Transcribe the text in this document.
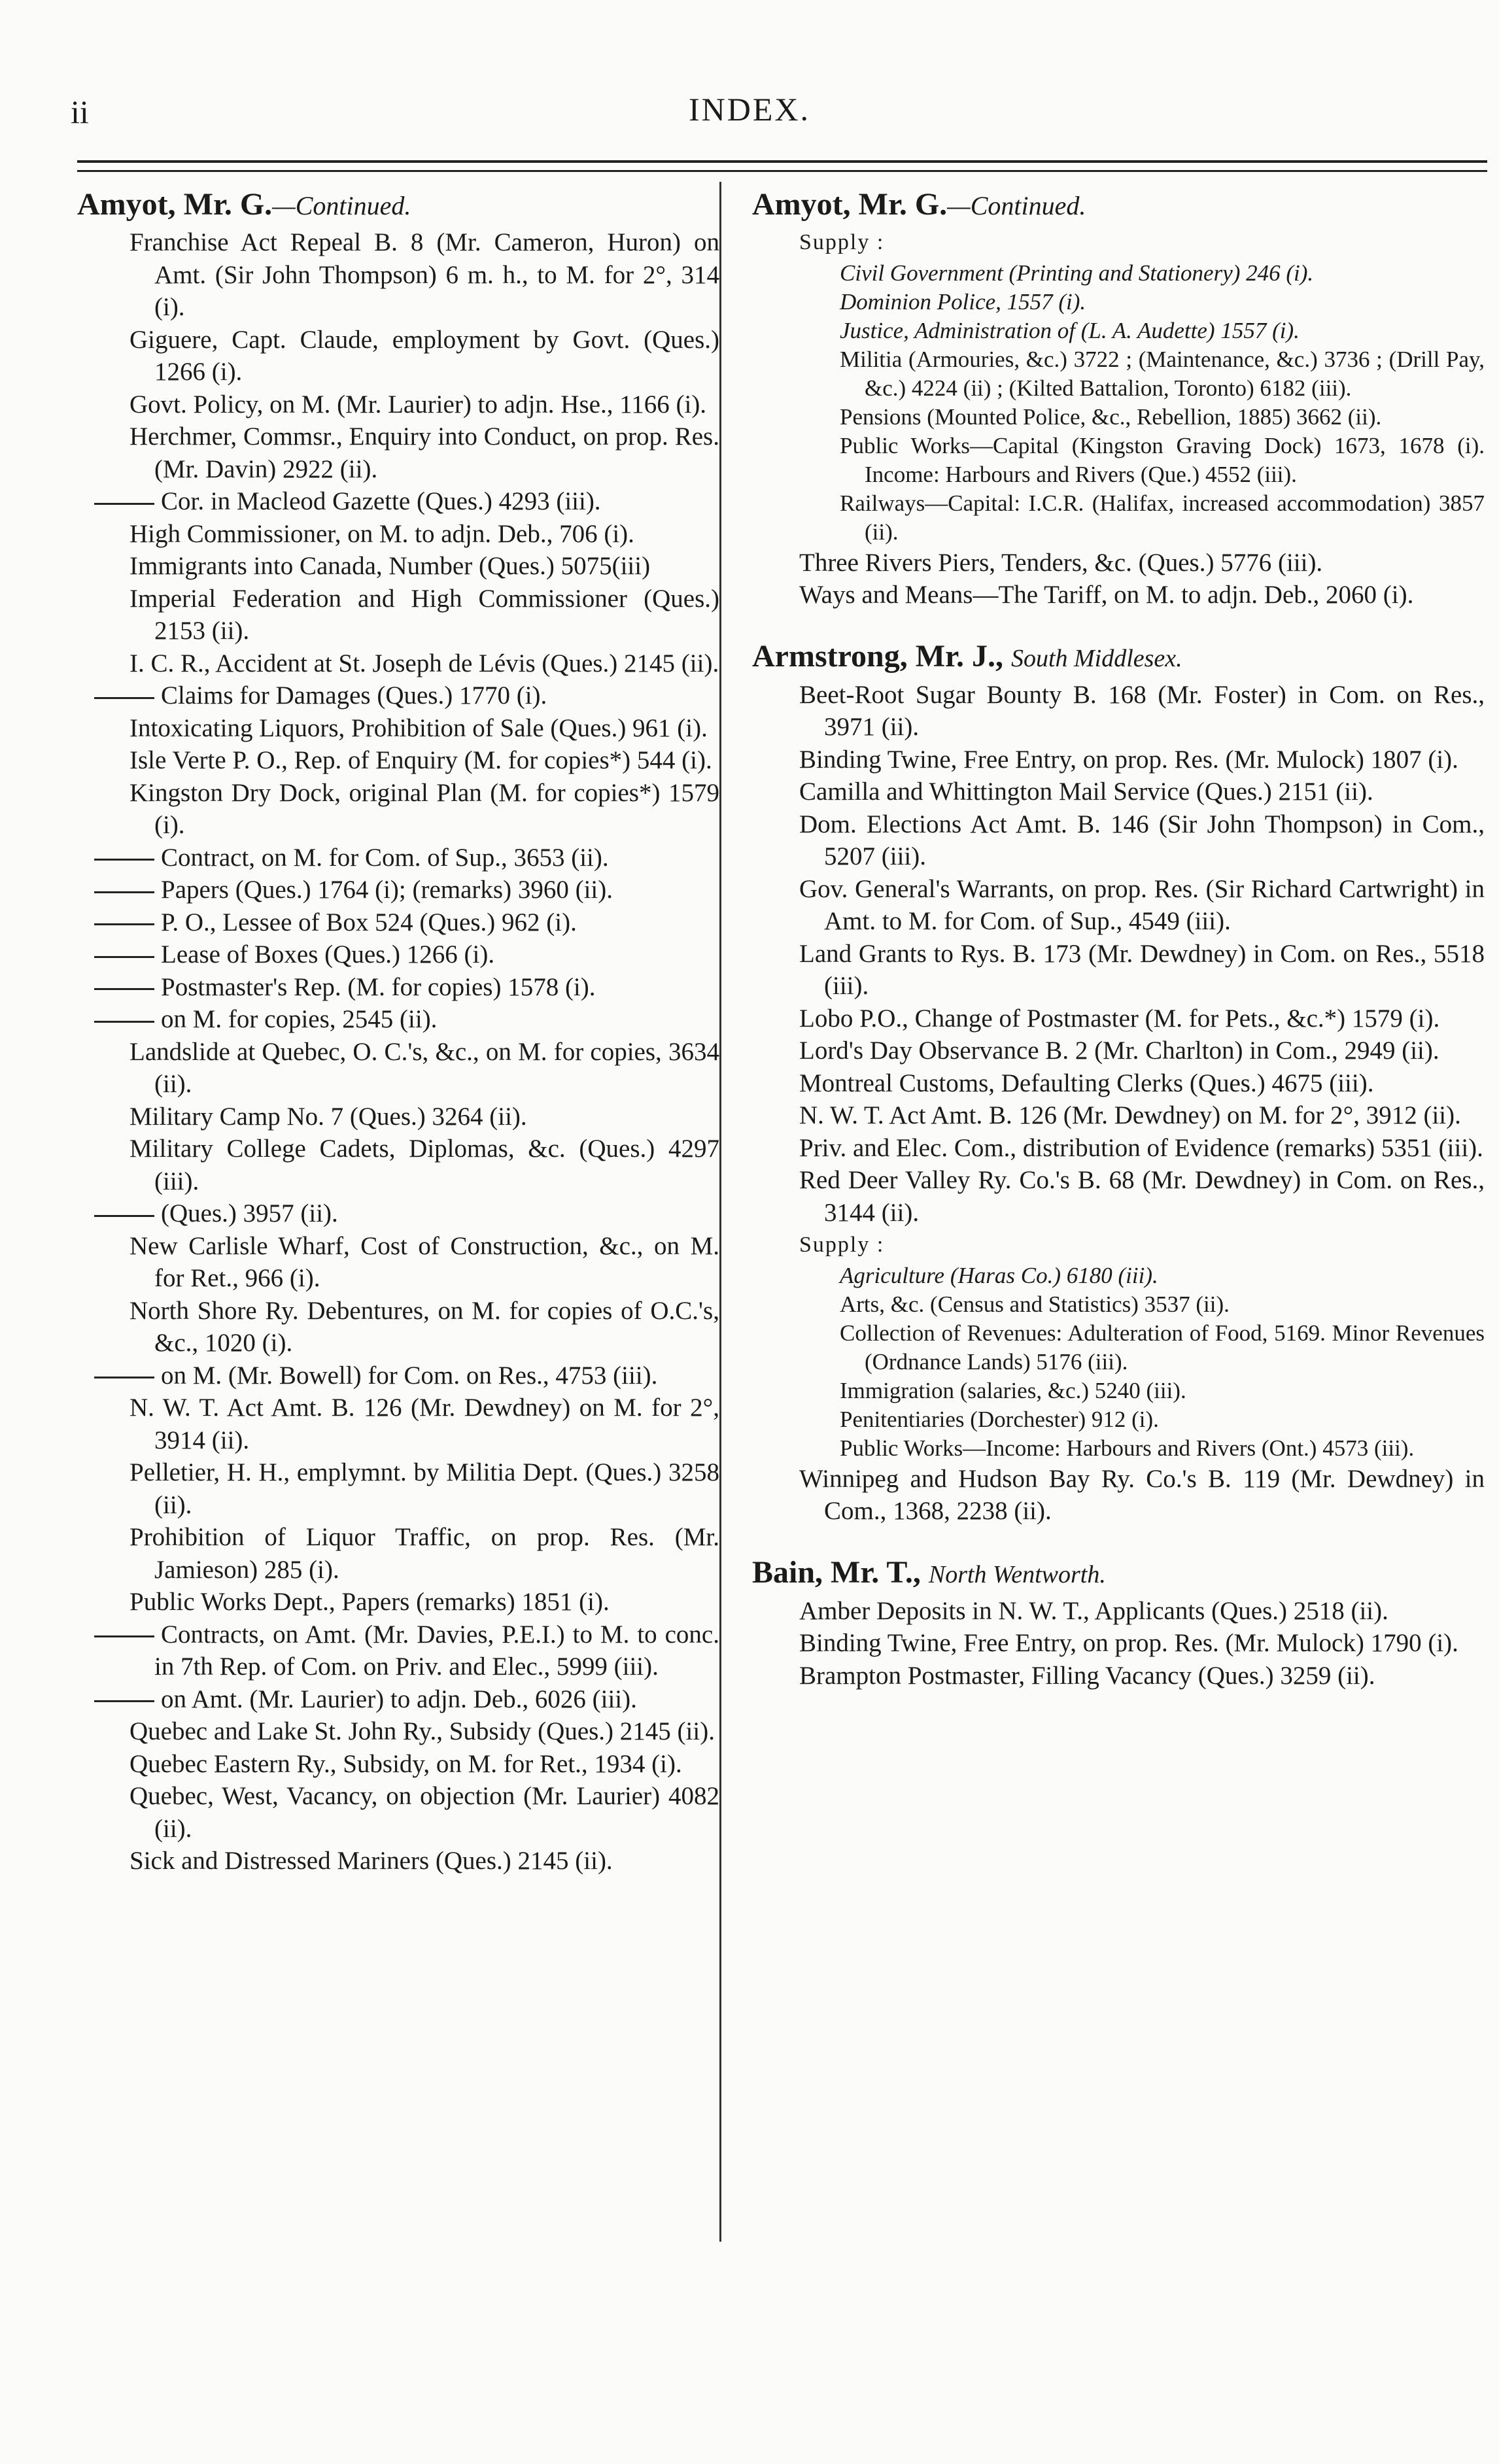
ii	INDEX.

Amyot, Mr. G.—Continued.

Franchise Act Repeal B. 8 (Mr. Cameron, Huron) on Amt. (Sir John Thompson) 6 m. h., to M. for 2°, 314 (i).

Giguere, Capt. Claude, employment by Govt. (Ques.) 1266 (i).

Govt. Policy, on M. (Mr. Laurier) to adjn. Hse., 1166 (i).

Herchmer, Commsr., Enquiry into Conduct, on prop. Res. (Mr. Davin) 2922 (ii).

Cor. in Macleod Gazette (Ques.) 4293 (iii).

High Commissioner, on M. to adjn. Deb., 706 (i).

Immigrants into Canada, Number (Ques.) 5075(iii)

Imperial Federation and High Commissioner (Ques.) 2153 (ii).

I. C. R., Accident at St. Joseph de Lévis (Ques.) 2145 (ii).

Claims for Damages (Ques.) 1770 (i).

Intoxicating Liquors, Prohibition of Sale (Ques.) 961 (i).

Isle Verte P. O., Rep. of Enquiry (M. for copies*) 544 (i).

Kingston Dry Dock, original Plan (M. for copies*) 1579 (i).

Contract, on M. for Com. of Sup., 3653 (ii).

Papers (Ques.) 1764 (i); (remarks) 3960 (ii).

P. O., Lessee of Box 524 (Ques.) 962 (i).

Lease of Boxes (Ques.) 1266 (i).

Postmaster's Rep. (M. for copies) 1578 (i).

on M. for copies, 2545 (ii).

Landslide at Quebec, O. C.'s, &c., on M. for copies, 3634 (ii).

Military Camp No. 7 (Ques.) 3264 (ii).

Military College Cadets, Diplomas, &c. (Ques.) 4297 (iii).

(Ques.) 3957 (ii).

New Carlisle Wharf, Cost of Construction, &c., on M. for Ret., 966 (i).

North Shore Ry. Debentures, on M. for copies of O.C.'s, &c., 1020 (i).

on M. (Mr. Bowell) for Com. on Res., 4753 (iii).

N. W. T. Act Amt. B. 126 (Mr. Dewdney) on M. for 2°, 3914 (ii).

Pelletier, H. H., emplymnt. by Militia Dept. (Ques.) 3258 (ii).

Prohibition of Liquor Traffic, on prop. Res. (Mr. Jamieson) 285 (i).

Public Works Dept., Papers (remarks) 1851 (i).

Contracts, on Amt. (Mr. Davies, P.E.I.) to M. to conc. in 7th Rep. of Com. on Priv. and Elec., 5999 (iii).

on Amt. (Mr. Laurier) to adjn. Deb., 6026 (iii).

Quebec and Lake St. John Ry., Subsidy (Ques.) 2145 (ii).

Quebec Eastern Ry., Subsidy, on M. for Ret., 1934 (i).

Quebec, West, Vacancy, on objection (Mr. Laurier) 4082 (ii).

Sick and Distressed Mariners (Ques.) 2145 (ii).

Amyot, Mr. G.—Continued.

Supply :

Civil Government (Printing and Stationery) 246 (i).

Dominion Police, 1557 (i).

Justice, Administration of (L. A. Audette) 1557 (i).

Militia (Armouries, &c.) 3722 ; (Maintenance, &c.) 3736 ; (Drill Pay, &c.) 4224 (ii) ; (Kilted Battalion, Toronto) 6182 (iii).

Pensions (Mounted Police, &c., Rebellion, 1885) 3662 (ii).

Public Works—Capital (Kingston Graving Dock) 1673, 1678 (i). Income: Harbours and Rivers (Que.) 4552 (iii).

Railways—Capital: I.C.R. (Halifax, increased accommodation) 3857 (ii).

Three Rivers Piers, Tenders, &c. (Ques.) 5776 (iii).

Ways and Means—The Tariff, on M. to adjn. Deb., 2060 (i).

Armstrong, Mr. J., South Middlesex.

Beet-Root Sugar Bounty B. 168 (Mr. Foster) in Com. on Res., 3971 (ii).

Binding Twine, Free Entry, on prop. Res. (Mr. Mulock) 1807 (i).

Camilla and Whittington Mail Service (Ques.) 2151 (ii).

Dom. Elections Act Amt. B. 146 (Sir John Thompson) in Com., 5207 (iii).

Gov. General's Warrants, on prop. Res. (Sir Richard Cartwright) in Amt. to M. for Com. of Sup., 4549 (iii).

Land Grants to Rys. B. 173 (Mr. Dewdney) in Com. on Res., 5518 (iii).

Lobo P.O., Change of Postmaster (M. for Pets., &c.*) 1579 (i).

Lord's Day Observance B. 2 (Mr. Charlton) in Com., 2949 (ii).

Montreal Customs, Defaulting Clerks (Ques.) 4675 (iii).

N. W. T. Act Amt. B. 126 (Mr. Dewdney) on M. for 2°, 3912 (ii).

Priv. and Elec. Com., distribution of Evidence (remarks) 5351 (iii).

Red Deer Valley Ry. Co.'s B. 68 (Mr. Dewdney) in Com. on Res., 3144 (ii).

Supply :

Agriculture (Haras Co.) 6180 (iii).

Arts, &c. (Census and Statistics) 3537 (ii).

Collection of Revenues: Adulteration of Food, 5169. Minor Revenues (Ordnance Lands) 5176 (iii).

Immigration (salaries, &c.) 5240 (iii).

Penitentiaries (Dorchester) 912 (i).

Public Works—Income: Harbours and Rivers (Ont.) 4573 (iii).

Winnipeg and Hudson Bay Ry. Co.'s B. 119 (Mr. Dewdney) in Com., 1368, 2238 (ii).

Bain, Mr. T., North Wentworth.

Amber Deposits in N. W. T., Applicants (Ques.) 2518 (ii).

Binding Twine, Free Entry, on prop. Res. (Mr. Mulock) 1790 (i).

Brampton Postmaster, Filling Vacancy (Ques.) 3259 (ii).
